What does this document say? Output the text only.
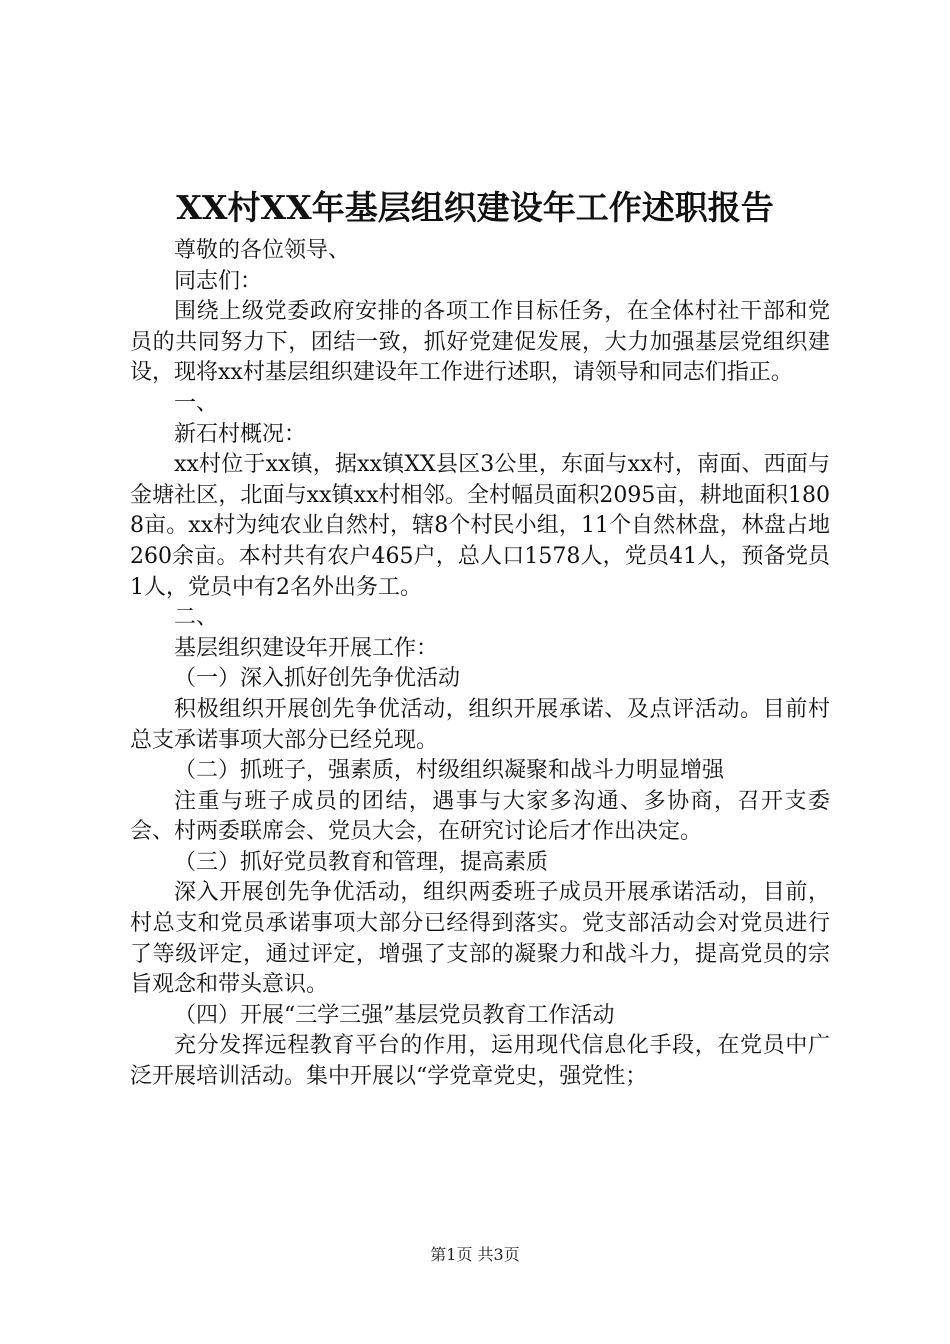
XX村XX年基层组织建设年工作述职报告

尊敬的各位领导、

同志们：

围绕上级党委政府安排的各项工作目标任务，在全体村社干部和党员的共同努力下，团结一致，抓好党建促发展，大力加强基层党组织建设，现将xx村基层组织建设年工作进行述职，请领导和同志们指正。

一、

新石村概况：

xx村位于xx镇，据xx镇XX县区3公里，东面与xx村，南面、西面与金塘社区，北面与xx镇xx村相邻。全村幅员面积2095亩，耕地面积1808亩。xx村为纯农业自然村，辖8个村民小组，11个自然林盘，林盘占地260余亩。本村共有农户465户，总人口1578人，党员41人，预备党员1人，党员中有2名外出务工。

二、

基层组织建设年开展工作：

（一）深入抓好创先争优活动

积极组织开展创先争优活动，组织开展承诺、及点评活动。目前村总支承诺事项大部分已经兑现。

（二）抓班子，强素质，村级组织凝聚和战斗力明显增强

注重与班子成员的团结，遇事与大家多沟通、多协商，召开支委会、村两委联席会、党员大会，在研究讨论后才作出决定。

（三）抓好党员教育和管理，提高素质

深入开展创先争优活动，组织两委班子成员开展承诺活动，目前，村总支和党员承诺事项大部分已经得到落实。党支部活动会对党员进行了等级评定，通过评定，增强了支部的凝聚力和战斗力，提高党员的宗旨观念和带头意识。

（四）开展“三学三强”基层党员教育工作活动

充分发挥远程教育平台的作用，运用现代信息化手段，在党员中广泛开展培训活动。集中开展以“学党章党史，强党性；

第1页 共3页
